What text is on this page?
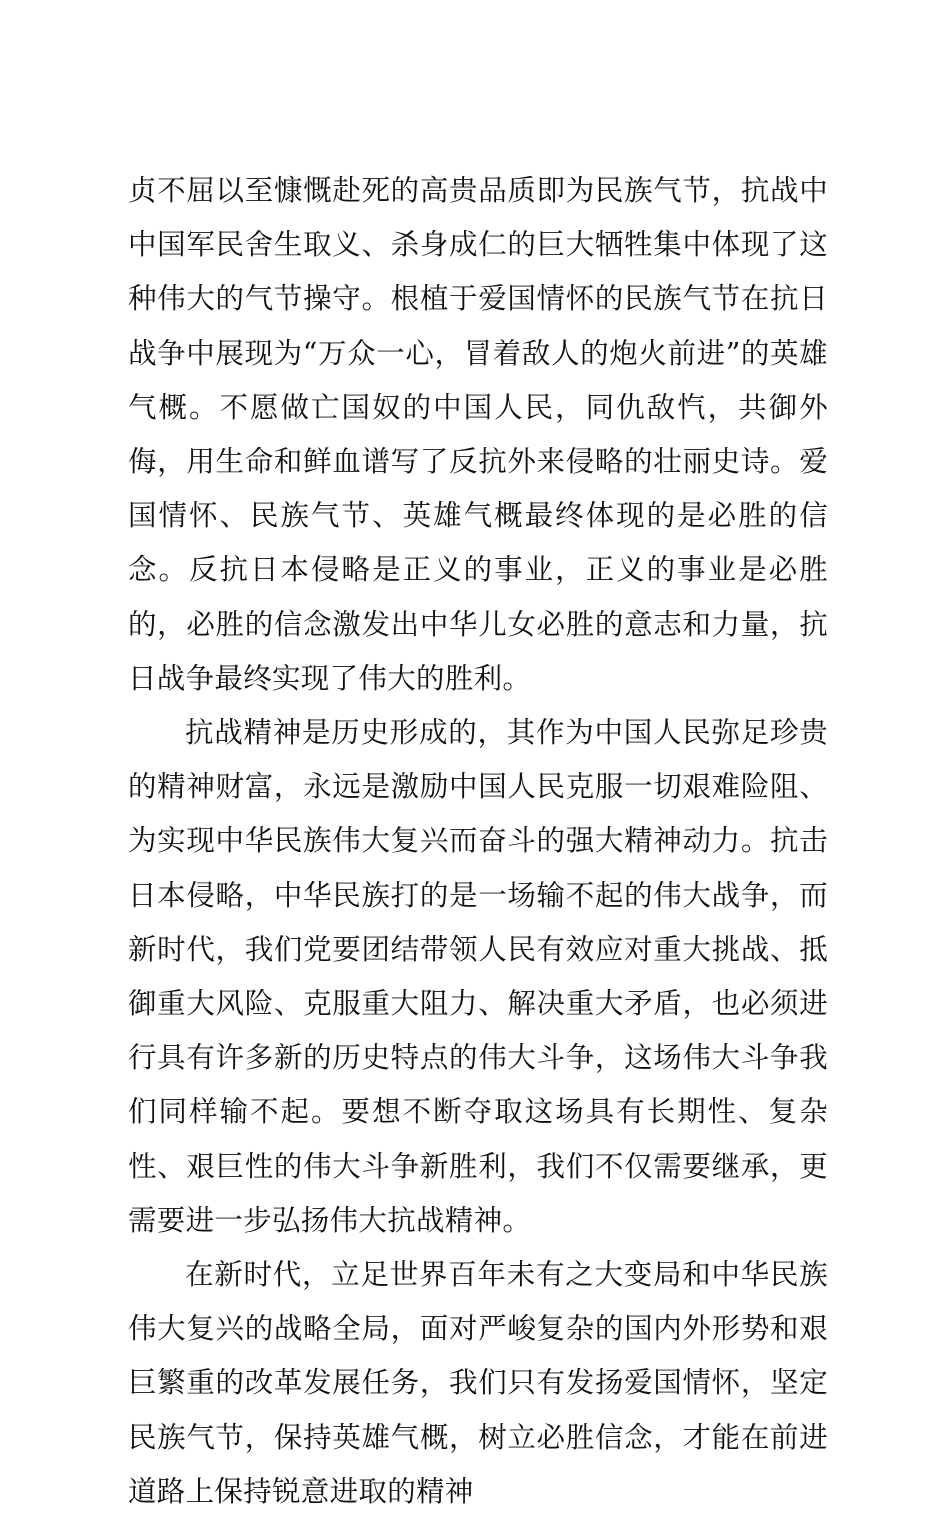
贞不屈以至慷慨赴死的高贵品质即为民族气节，抗战中中国军民舍生取义、杀身成仁的巨大牺牲集中体现了这种伟大的气节操守。根植于爱国情怀的民族气节在抗日战争中展现为“万众一心，冒着敌人的炮火前进”的英雄气概。不愿做亡国奴的中国人民，同仇敌忾，共御外侮，用生命和鲜血谱写了反抗外来侵略的壮丽史诗。爱国情怀、民族气节、英雄气概最终体现的是必胜的信念。反抗日本侵略是正义的事业，正义的事业是必胜的，必胜的信念激发出中华儿女必胜的意志和力量，抗日战争最终实现了伟大的胜利。

抗战精神是历史形成的，其作为中国人民弥足珍贵的精神财富，永远是激励中国人民克服一切艰难险阻、为实现中华民族伟大复兴而奋斗的强大精神动力。抗击日本侵略，中华民族打的是一场输不起的伟大战争，而新时代，我们党要团结带领人民有效应对重大挑战、抵御重大风险、克服重大阻力、解决重大矛盾，也必须进行具有许多新的历史特点的伟大斗争，这场伟大斗争我们同样输不起。要想不断夺取这场具有长期性、复杂性、艰巨性的伟大斗争新胜利，我们不仅需要继承，更需要进一步弘扬伟大抗战精神。

在新时代，立足世界百年未有之大变局和中华民族伟大复兴的战略全局，面对严峻复杂的国内外形势和艰巨繁重的改革发展任务，我们只有发扬爱国情怀，坚定民族气节，保持英雄气概，树立必胜信念，才能在前进道路上保持锐意进取的精神
